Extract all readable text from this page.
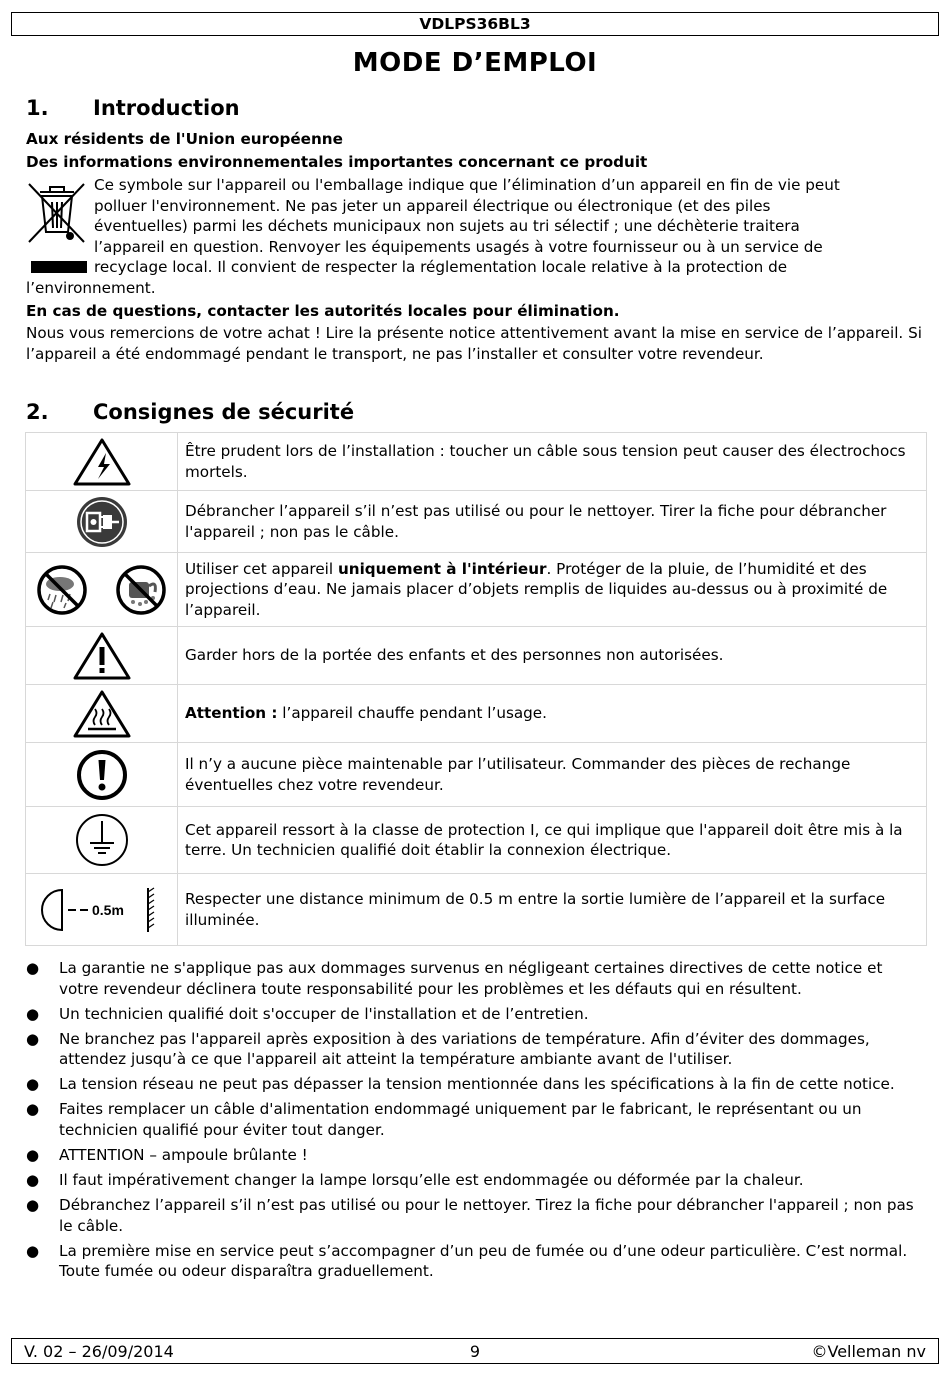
VDLPS36BL3
MODE D’EMPLOI
1. Introduction
Aux résidents de l'Union européenne
Des informations environnementales importantes concernant ce produit
Ce symbole sur l'appareil ou l'emballage indique que l’élimination d’un appareil en fin de vie peut
polluer l'environnement. Ne pas jeter un appareil électrique ou électronique (et des piles
éventuelles) parmi les déchets municipaux non sujets au tri sélectif ; une déchèterie traitera
l’appareil en question. Renvoyer les équipements usagés à votre fournisseur ou à un service de
recyclage local. Il convient de respecter la réglementation locale relative à la protection de
l’environnement.
En cas de questions, contacter les autorités locales pour élimination.
Nous vous remercions de votre achat ! Lire la présente notice attentivement avant la mise en service de l’appareil. Si l’appareil a été endommagé pendant le transport, ne pas l’installer et consulter votre revendeur.
2. Consignes de sécurité
	Être prudent lors de l’installation : toucher un câble sous tension peut causer des électrochocs mortels.

	Débrancher l’appareil s’il n’est pas utilisé ou pour le nettoyer. Tirer la fiche pour débrancher l'appareil ; non pas le câble.

	Utiliser cet appareil uniquement à l'intérieur. Protéger de la pluie, de l’humidité et des projections d’eau. Ne jamais placer d’objets remplis de liquides au-dessus ou à proximité de l’appareil.

	Garder hors de la portée des enfants et des personnes non autorisées.

	Attention : l’appareil chauffe pendant l’usage.

	Il n’y a aucune pièce maintenable par l’utilisateur. Commander des pièces de rechange éventuelles chez votre revendeur.

	Cet appareil ressort à la classe de protection I, ce qui implique que l'appareil doit être mis à la terre. Un technicien qualifié doit établir la connexion électrique.

0.5m	Respecter une distance minimum de 0.5 m entre la sortie lumière de l’appareil et la surface illuminée.
● La garantie ne s'applique pas aux dommages survenus en négligeant certaines directives de cette notice et votre revendeur déclinera toute responsabilité pour les problèmes et les défauts qui en résultent.
● Un technicien qualifié doit s'occuper de l'installation et de l’entretien.
● Ne branchez pas l'appareil après exposition à des variations de température. Afin d’éviter des dommages, attendez jusqu’à ce que l'appareil ait atteint la température ambiante avant de l'utiliser.
● La tension réseau ne peut pas dépasser la tension mentionnée dans les spécifications à la fin de cette notice.
● Faites remplacer un câble d'alimentation endommagé uniquement par le fabricant, le représentant ou un technicien qualifié pour éviter tout danger.
● ATTENTION – ampoule brûlante !
● Il faut impérativement changer la lampe lorsqu’elle est endommagée ou déformée par la chaleur.
● Débranchez l’appareil s’il n’est pas utilisé ou pour le nettoyer. Tirez la fiche pour débrancher l'appareil ; non pas le câble.
● La première mise en service peut s’accompagner d’un peu de fumée ou d’une odeur particulière. C’est normal. Toute fumée ou odeur disparaîtra graduellement.
V. 02 – 26/09/2014	9	©Velleman nv
